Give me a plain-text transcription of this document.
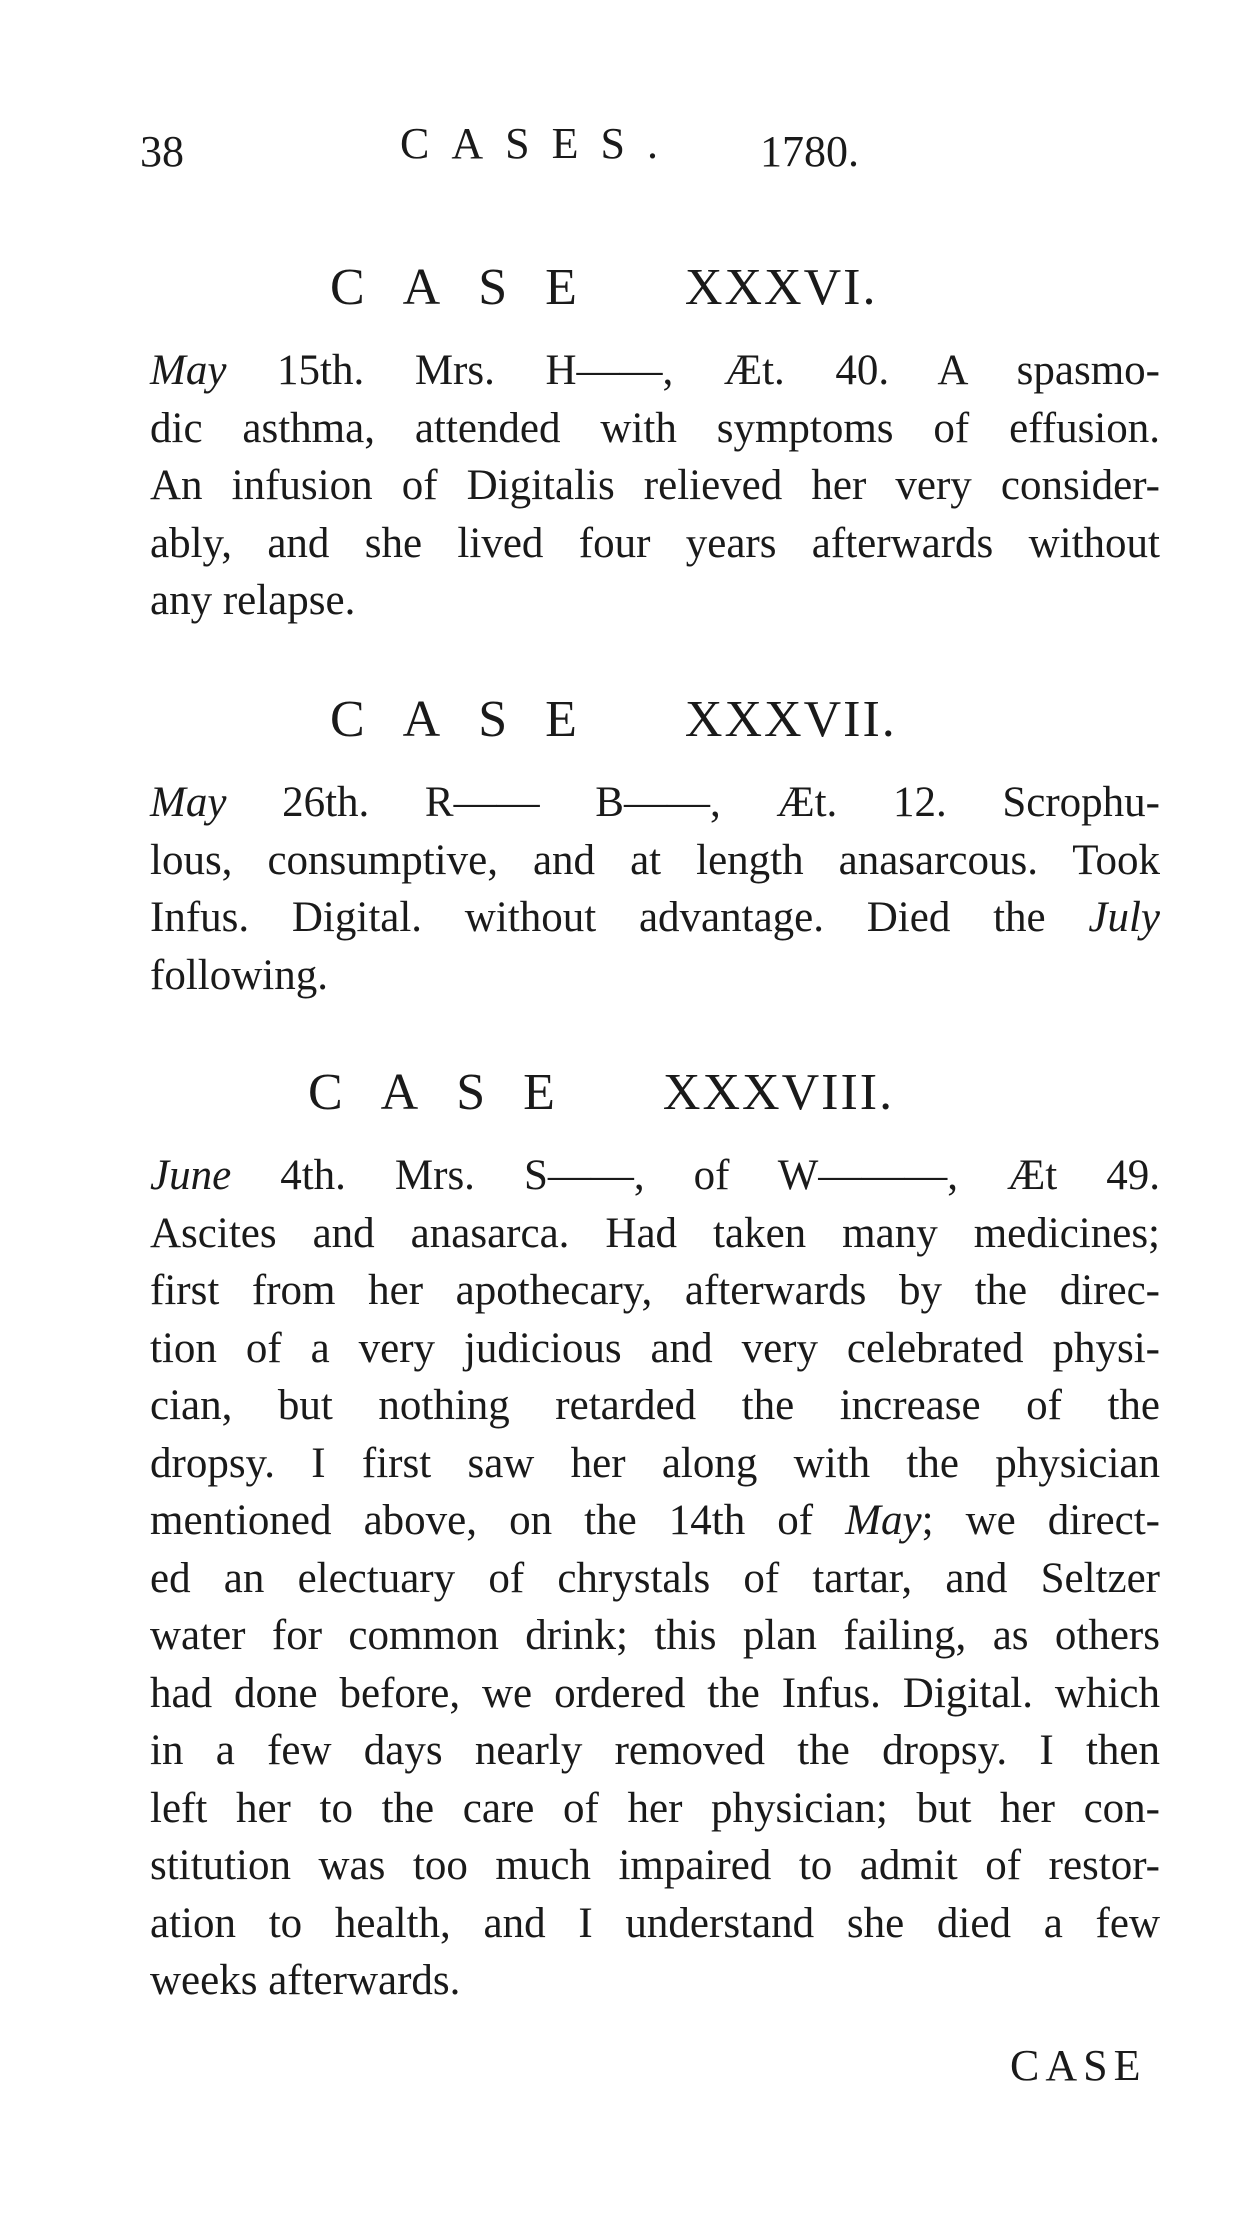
38	CASES. 1780.
CASE XXXVI.
May 15th. Mrs. H——, Æt. 40. A spasmo-
dic asthma, attended with symptoms of effusion.
An infusion of Digitalis relieved her very consider-
ably, and she lived four years afterwards without
any relapse.
CASE XXXVII.
May 26th. R—— B——, Æt. 12. Scrophu-
lous, consumptive, and at length anasarcous. Took
Infus. Digital. without advantage. Died the July
following.
CASE XXXVIII.
June 4th. Mrs. S——, of W———, Æt 49.
Ascites and anasarca. Had taken many medicines;
first from her apothecary, afterwards by the direc-
tion of a very judicious and very celebrated physi-
cian, but nothing retarded the increase of the
dropsy. I first saw her along with the physician
mentioned above, on the 14th of May; we direct-
ed an electuary of chrystals of tartar, and Seltzer
water for common drink; this plan failing, as others
had done before, we ordered the Infus. Digital. which
in a few days nearly removed the dropsy. I then
left her to the care of her physician; but her con-
stitution was too much impaired to admit of restor-
ation to health, and I understand she died a few
weeks afterwards.
CASE
